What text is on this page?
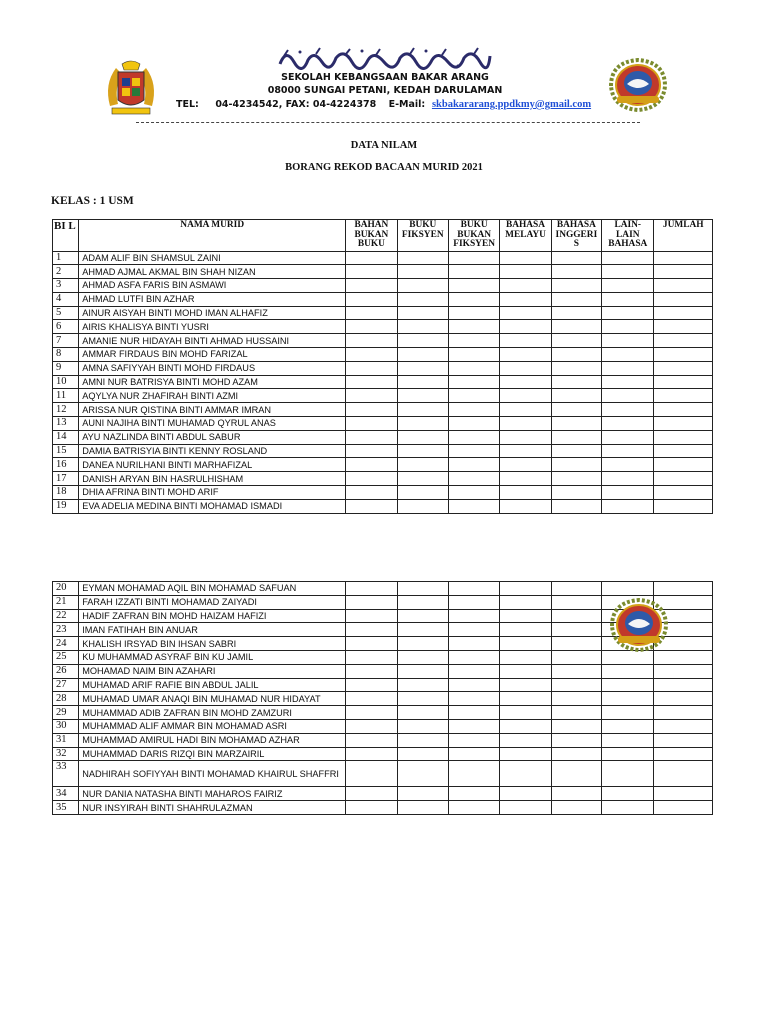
SEKOLAH KEBANGSAAN BAKAR ARANG
08000 SUNGAI PETANI, KEDAH DARULAMAN
TEL: 04-4234542, FAX: 04-4224378 E-Mail: skbakararang.ppdkmy@gmail.com
DATA NILAM
BORANG REKOD BACAAN MURID 2021
KELAS : 1 USM
BI L	NAMA MURID	BAHAN BUKAN BUKU	BUKU FIKSYEN	BUKU BUKAN FIKSYEN	BAHASA MELAYU	BAHASA INGGERI S	LAIN- LAIN BAHASA	JUMLAH
1	ADAM ALIF BIN SHAMSUL ZAINI							
2	AHMAD AJMAL AKMAL BIN SHAH NIZAN							
3	AHMAD ASFA FARIS BIN ASMAWI							
4	AHMAD LUTFI BIN AZHAR							
5	AINUR AISYAH BINTI MOHD IMAN ALHAFIZ							
6	AIRIS KHALISYA BINTI YUSRI							
7	AMANIE NUR HIDAYAH BINTI AHMAD HUSSAINI							
8	AMMAR FIRDAUS BIN MOHD FARIZAL							
9	AMNA SAFIYYAH BINTI MOHD FIRDAUS							
10	AMNI NUR BATRISYA BINTI MOHD AZAM							
11	AQYLYA NUR ZHAFIRAH BINTI AZMI							
12	ARISSA NUR QISTINA BINTI AMMAR IMRAN							
13	AUNI NAJIHA BINTI MUHAMAD QYRUL ANAS							
14	AYU NAZLINDA BINTI ABDUL SABUR							
15	DAMIA BATRISYIA BINTI KENNY ROSLAND							
16	DANEA NURILHANI BINTI MARHAFIZAL							
17	DANISH ARYAN BIN HASRULHISHAM							
18	DHIA AFRINA BINTI MOHD ARIF							
19	EVA ADELIA MEDINA BINTI MOHAMAD ISMADI							
20	EYMAN MOHAMAD AQIL BIN MOHAMAD SAFUAN							
21	FARAH IZZATI BINTI MOHAMAD ZAIYADI							
22	HADIF ZAFRAN BIN MOHD HAIZAM HAFIZI							
23	IMAN FATIHAH BIN ANUAR							
24	KHALISH IRSYAD BIN IHSAN SABRI							
25	KU MUHAMMAD ASYRAF BIN KU JAMIL							
26	MOHAMAD NAIM BIN AZAHARI							
27	MUHAMAD ARIF RAFIE BIN ABDUL JALIL							
28	MUHAMAD UMAR ANAQI BIN MUHAMAD NUR HIDAYAT							
29	MUHAMMAD ADIB ZAFRAN BIN MOHD ZAMZURI							
30	MUHAMMAD ALIF AMMAR BIN MOHAMAD ASRI							
31	MUHAMMAD AMIRUL HADI BIN MOHAMAD AZHAR							
32	MUHAMMAD DARIS RIZQI BIN MARZAIRIL							
33	NADHIRAH SOFIYYAH BINTI MOHAMAD KHAIRUL SHAFFRI							
34	NUR DANIA NATASHA BINTI MAHAROS FAIRIZ							
35	NUR INSYIRAH BINTI SHAHRULAZMAN							
